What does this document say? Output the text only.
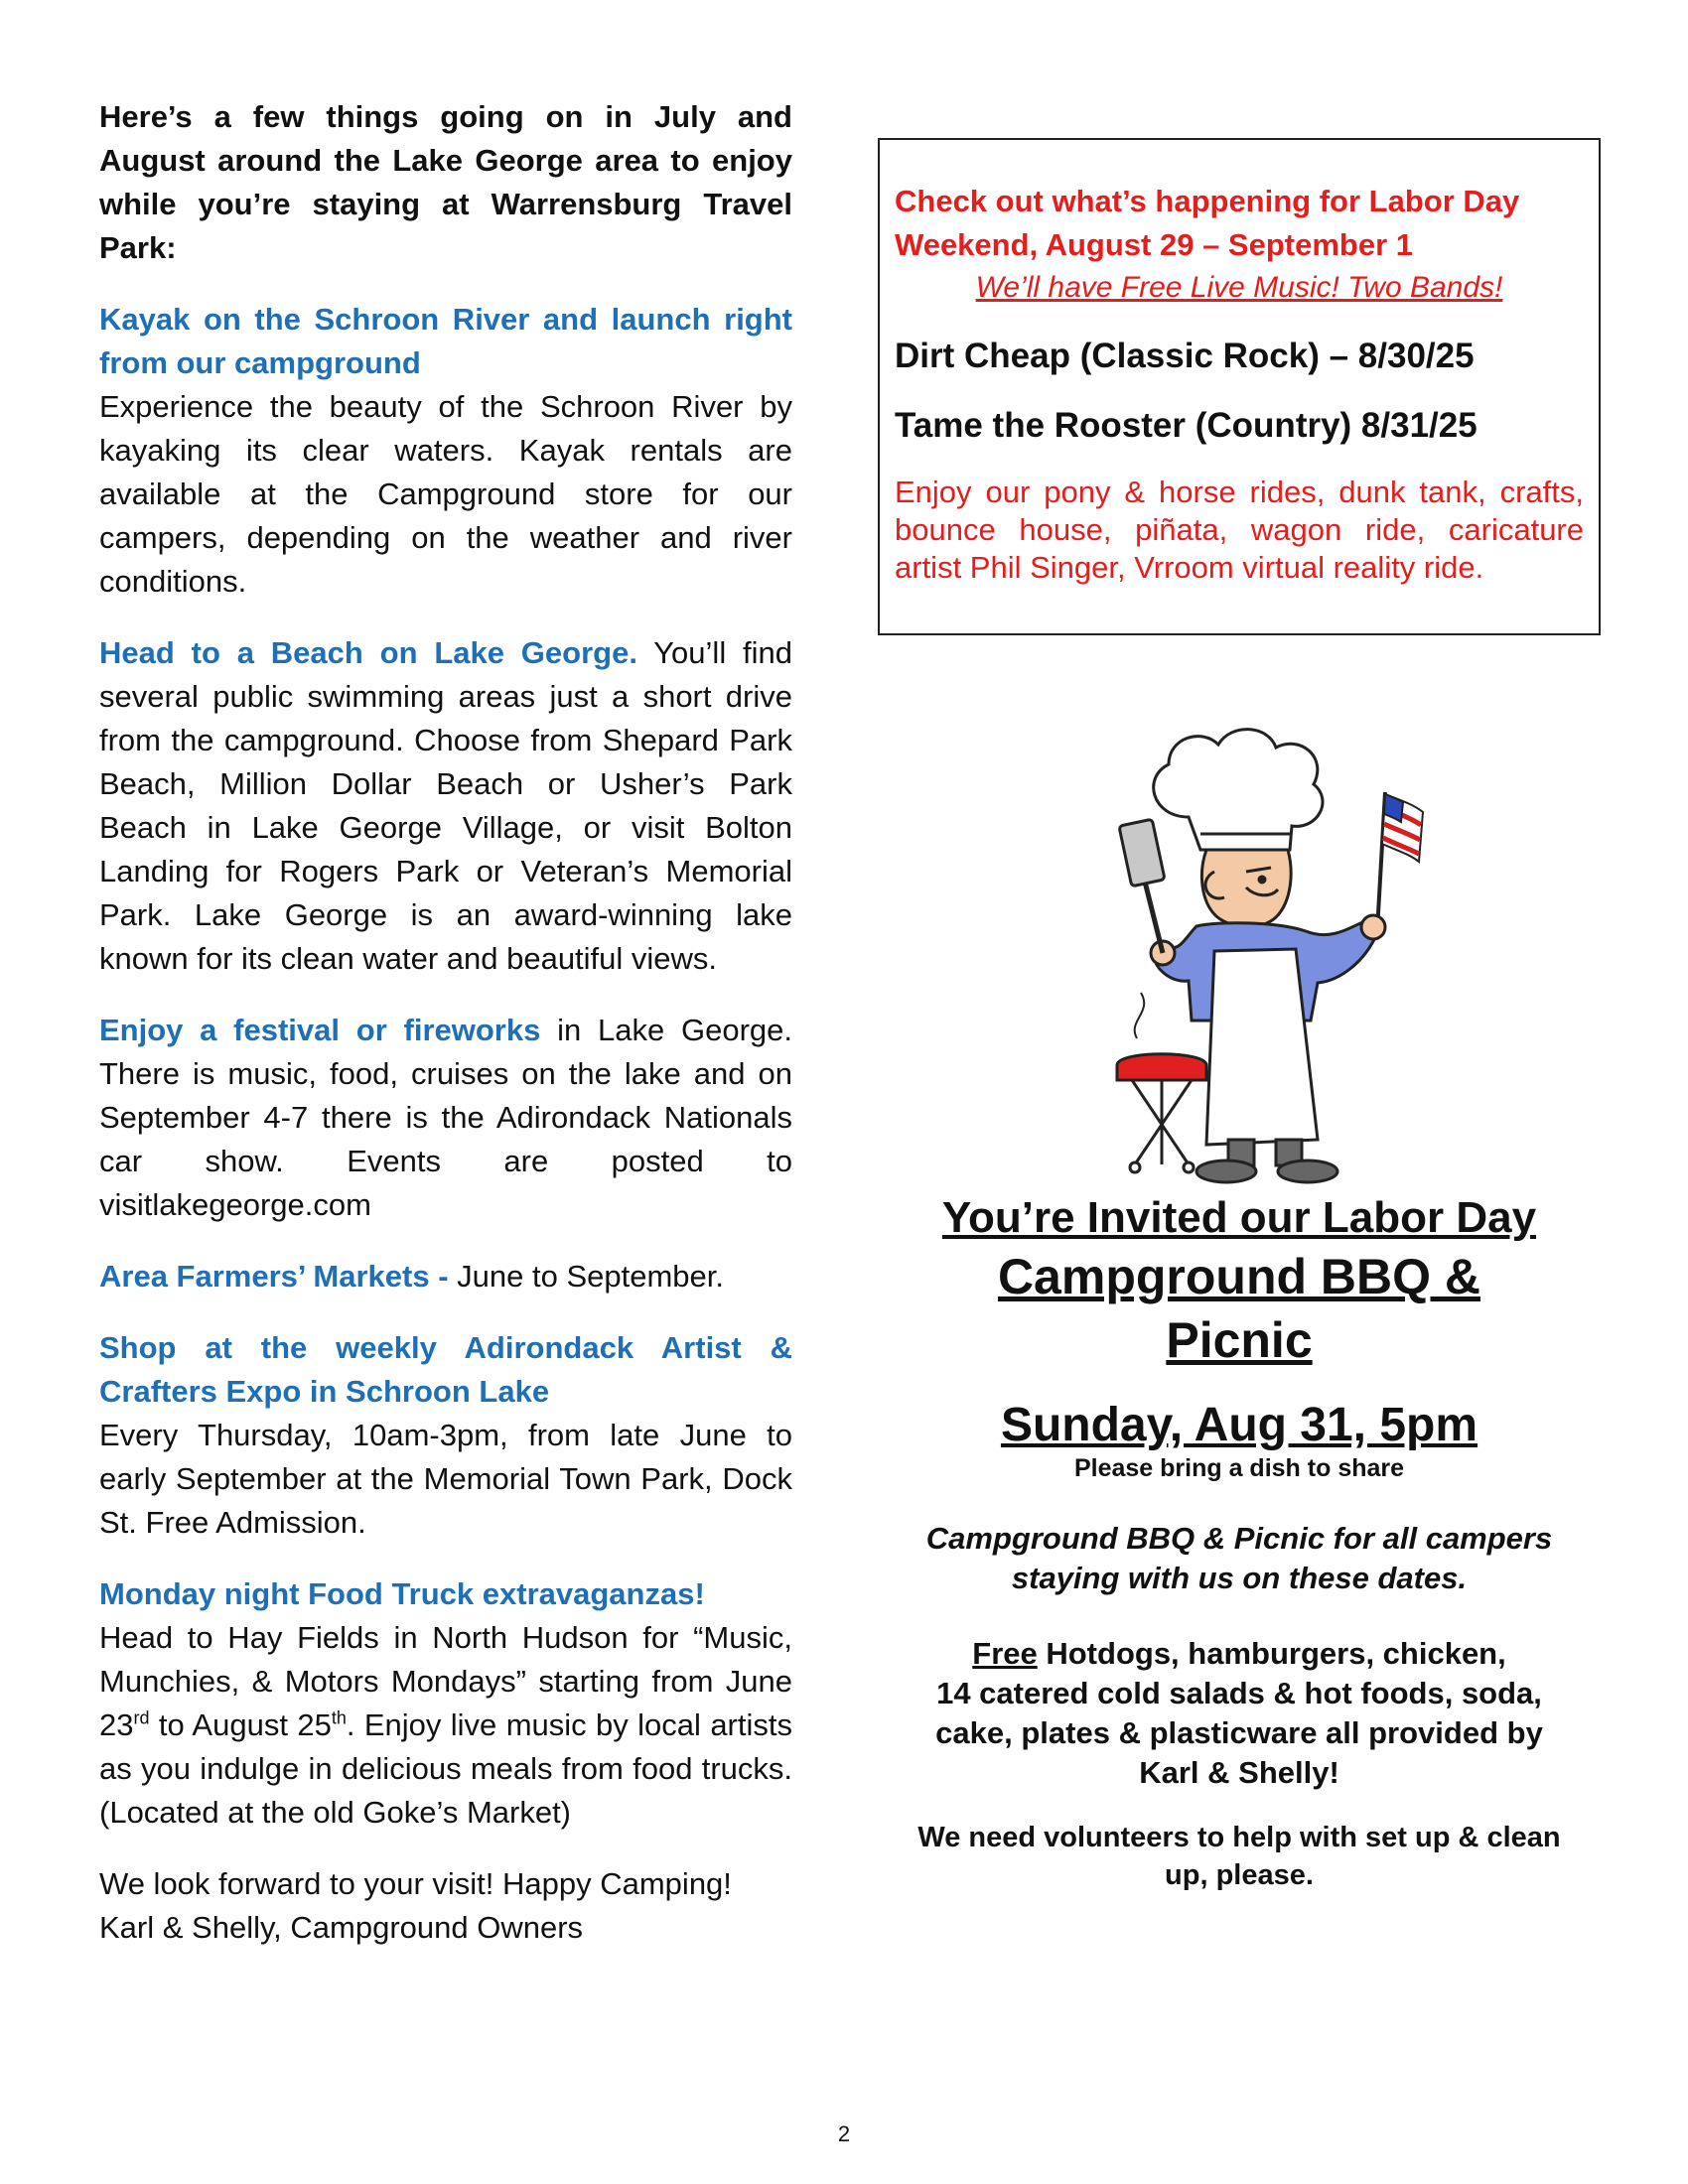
Here’s a few things going on in July and August around the Lake George area to enjoy while you’re staying at Warrensburg Travel Park:

Kayak on the Schroon River and launch right from our campground
Experience the beauty of the Schroon River by kayaking its clear waters. Kayak rentals are available at the Campground store for our campers, depending on the weather and river conditions.

Head to a Beach on Lake George. You’ll find several public swimming areas just a short drive from the campground. Choose from Shepard Park Beach, Million Dollar Beach or Usher’s Park Beach in Lake George Village, or visit Bolton Landing for Rogers Park or Veteran’s Memorial Park. Lake George is an award-winning lake known for its clean water and beautiful views.

Enjoy a festival or fireworks in Lake George. There is music, food, cruises on the lake and on September 4-7 there is the Adirondack Nationals car show. Events are posted to visitlakegeorge.com

Area Farmers’ Markets - June to September.

Shop at the weekly Adirondack Artist & Crafters Expo in Schroon Lake
Every Thursday, 10am-3pm, from late June to early September at the Memorial Town Park, Dock St. Free Admission.

Monday night Food Truck extravaganzas!
Head to Hay Fields in North Hudson for “Music, Munchies, & Motors Mondays” starting from June 23rd to August 25th. Enjoy live music by local artists as you indulge in delicious meals from food trucks. (Located at the old Goke’s Market)

We look forward to your visit! Happy Camping!
Karl & Shelly, Campground Owners

Check out what’s happening for Labor Day Weekend, August 29 – September 1

We’ll have Free Live Music! Two Bands!

Dirt Cheap (Classic Rock) – 8/30/25

Tame the Rooster (Country) 8/31/25

Enjoy our pony & horse rides, dunk tank, crafts, bounce house, piñata, wagon ride, caricature artist Phil Singer, Vrroom virtual reality ride.

You’re Invited our Labor Day

Campground BBQ &

Picnic

Sunday, Aug 31, 5pm

Please bring a dish to share

Campground BBQ & Picnic for all campers
staying with us on these dates.

Free Hotdogs, hamburgers, chicken,
14 catered cold salads & hot foods, soda,
cake, plates & plasticware all provided by
Karl & Shelly!

We need volunteers to help with set up & clean
up, please.

2
